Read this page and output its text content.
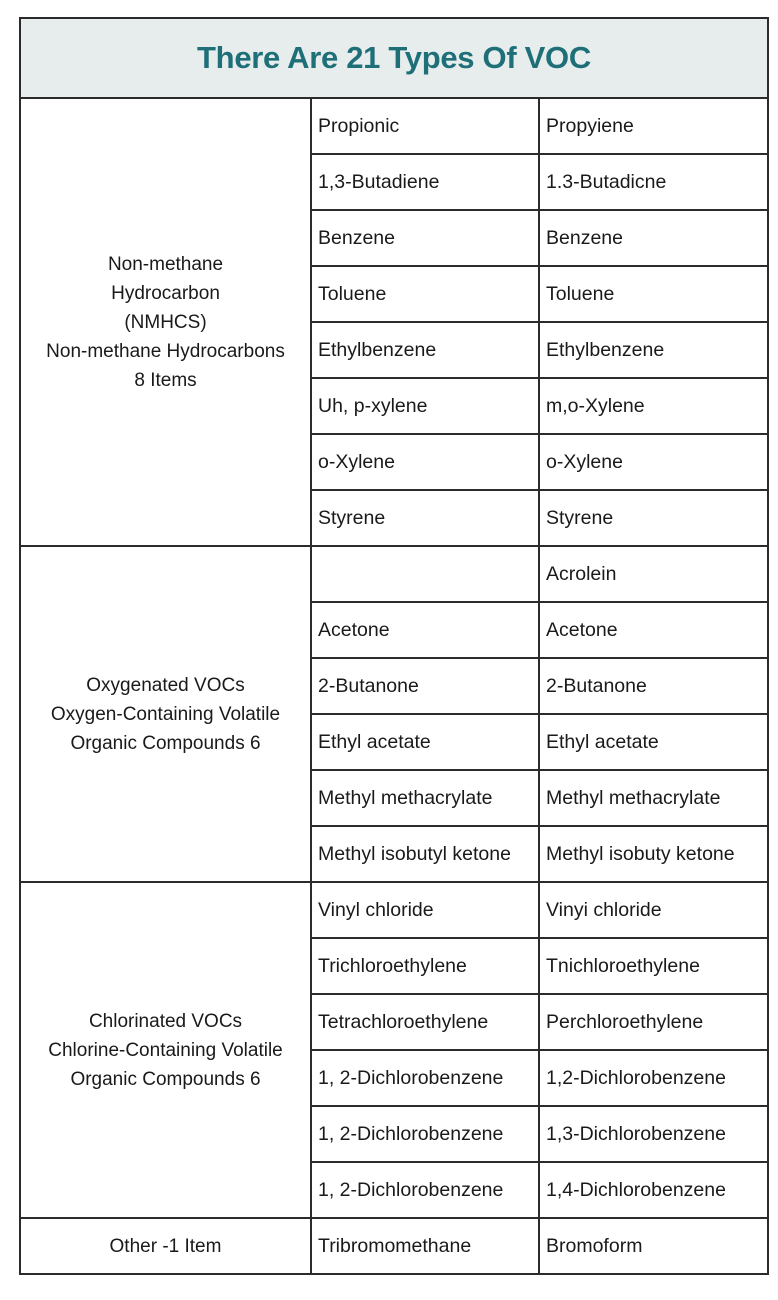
There Are 21 Types Of VOC		

Non-methane
Hydrocarbon
(NMHCS)
Non-methane Hydrocarbons
8 Items	Propionic	Propyiene
	1,3-Butadiene	1.3-Butadicne
	Benzene	Benzene
	Toluene	Toluene
	Ethylbenzene	Ethylbenzene
	Uh, p-xylene	m,o-Xylene
	o-Xylene	o-Xylene
	Styrene	Styrene

Oxygenated VOCs
Oxygen-Containing Volatile
Organic Compounds 6		Acrolein
	Acetone	Acetone
	2-Butanone	2-Butanone
	Ethyl acetate	Ethyl acetate
	Methyl methacrylate	Methyl methacrylate
	Methyl isobutyl ketone	Methyl isobuty ketone

Chlorinated VOCs
Chlorine-Containing Volatile
Organic Compounds 6	Vinyl chloride	Vinyi chloride
	Trichloroethylene	Tnichloroethylene
	Tetrachloroethylene	Perchloroethylene
	1, 2-Dichlorobenzene	1,2-Dichlorobenzene
	1, 2-Dichlorobenzene	1,3-Dichlorobenzene
	1, 2-Dichlorobenzene	1,4-Dichlorobenzene

Other -1 Item	Tribromomethane	Bromoform
